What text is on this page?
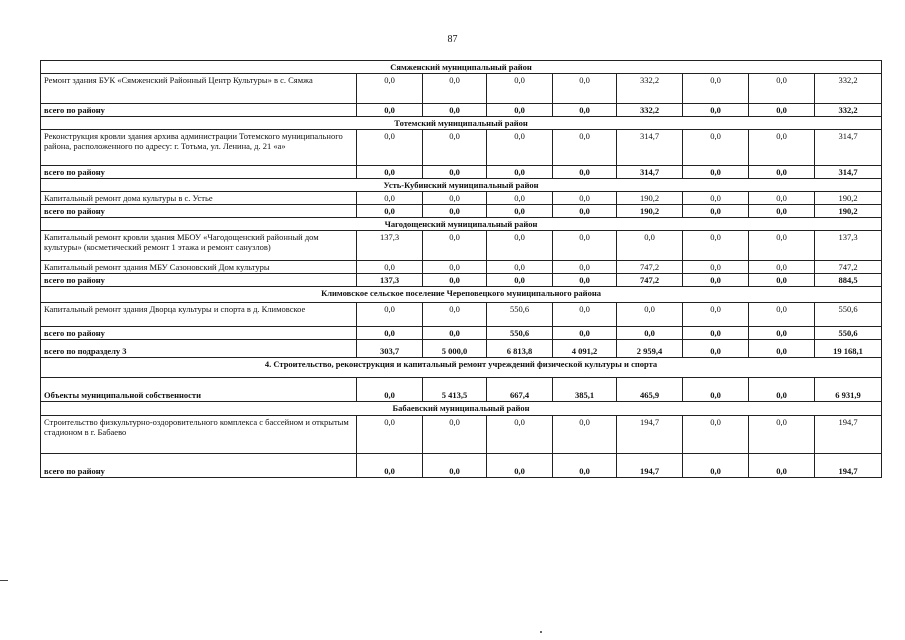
87
Сямженский муниципальный район								
Ремонт здания БУК «Сямженский Районный Центр Культуры» в с. Сямжа	0,0	0,0	0,0	0,0	332,2	0,0	0,0	332,2
всего по району	0,0	0,0	0,0	0,0	332,2	0,0	0,0	332,2
Тотемский муниципальный район								
Реконструкция кровли здания архива администрации Тотемского муниципального района, расположенного по адресу: г. Тотьма, ул. Ленина, д. 21 «а»	0,0	0,0	0,0	0,0	314,7	0,0	0,0	314,7
всего по району	0,0	0,0	0,0	0,0	314,7	0,0	0,0	314,7
Усть-Кубинский муниципальный район								
Капитальный ремонт дома культуры в с. Устье	0,0	0,0	0,0	0,0	190,2	0,0	0,0	190,2
всего по району	0,0	0,0	0,0	0,0	190,2	0,0	0,0	190,2
Чагодощенский муниципальный район								
Капитальный ремонт кровли здания МБОУ «Чагодощенский районный дом культуры» (косметический ремонт 1 этажа и ремонт санузлов)	137,3	0,0	0,0	0,0	0,0	0,0	0,0	137,3
Капитальный ремонт здания МБУ Сазоновский Дом культуры	0,0	0,0	0,0	0,0	747,2	0,0	0,0	747,2
всего по району	137,3	0,0	0,0	0,0	747,2	0,0	0,0	884,5
Климовское сельское поселение Череповецкого муниципального района								
Капитальный ремонт здания Дворца культуры и спорта в д. Климовское	0,0	0,0	550,6	0,0	0,0	0,0	0,0	550,6
всего по району	0,0	0,0	550,6	0,0	0,0	0,0	0,0	550,6
всего по подразделу 3	303,7	5 000,0	6 813,8	4 091,2	2 959,4	0,0	0,0	19 168,1
4. Строительство, реконструкция и капитальный ремонт учреждений физической культуры и спорта								
Объекты муниципальной собственности	0,0	5 413,5	667,4	385,1	465,9	0,0	0,0	6 931,9
Бабаевский муниципальный район								
Строительство физкультурно-оздоровительного комплекса с бассейном и открытым стадионом в г. Бабаево	0,0	0,0	0,0	0,0	194,7	0,0	0,0	194,7
всего по району	0,0	0,0	0,0	0,0	194,7	0,0	0,0	194,7
